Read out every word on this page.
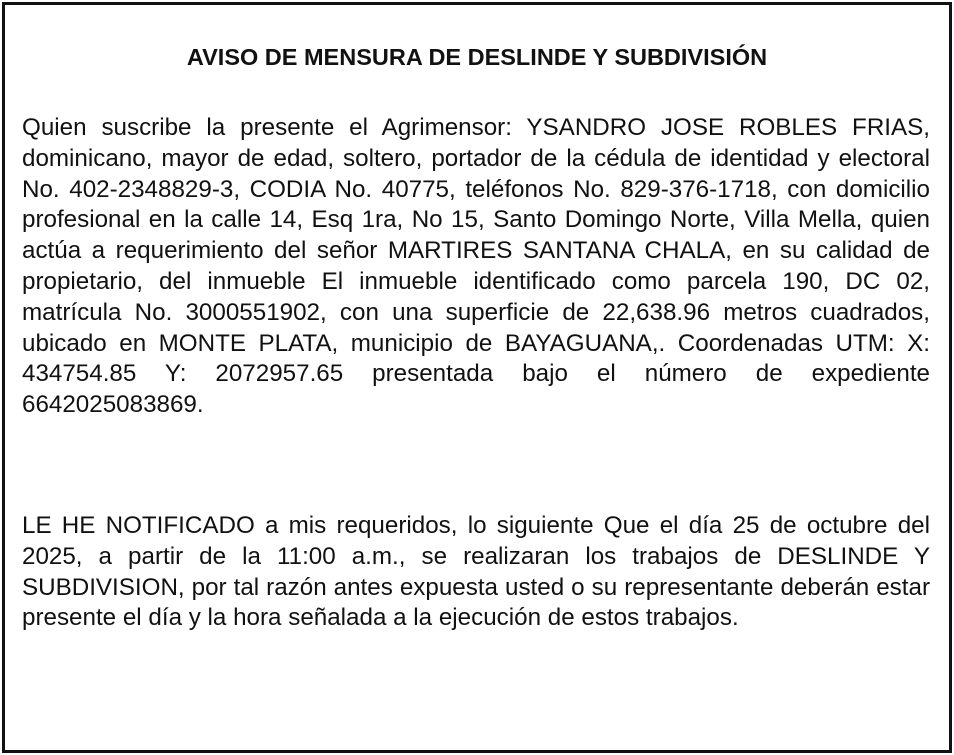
AVISO DE MENSURA DE DESLINDE Y SUBDIVISIÓN

Quien suscribe la presente el Agrimensor: YSANDRO JOSE ROBLES FRIAS, dominicano, mayor de edad, soltero, portador de la cédula de identidad y electoral No. 402-2348829-3, CODIA No. 40775, teléfonos No. 829-376-1718, con domicilio profesional en la calle 14, Esq 1ra, No 15, Santo Domingo Norte, Villa Mella, quien actúa a requerimiento del señor MARTIRES SANTANA CHALA, en su calidad de propietario, del inmueble El inmueble identificado como parcela 190, DC 02, matrícula No. 3000551902, con una superficie de 22,638.96 metros cuadrados, ubicado en MONTE PLATA, municipio de BAYAGUANA,. Coordenadas UTM: X: 434754.85 Y: 2072957.65 presentada bajo el número de expediente 6642025083869.

LE HE NOTIFICADO a mis requeridos, lo siguiente Que el día 25 de octubre del 2025, a partir de la 11:00 a.m., se realizaran los trabajos de DESLINDE Y SUBDIVISION, por tal razón antes expuesta usted o su representante deberán estar presente el día y la hora señalada a la ejecución de estos trabajos.
